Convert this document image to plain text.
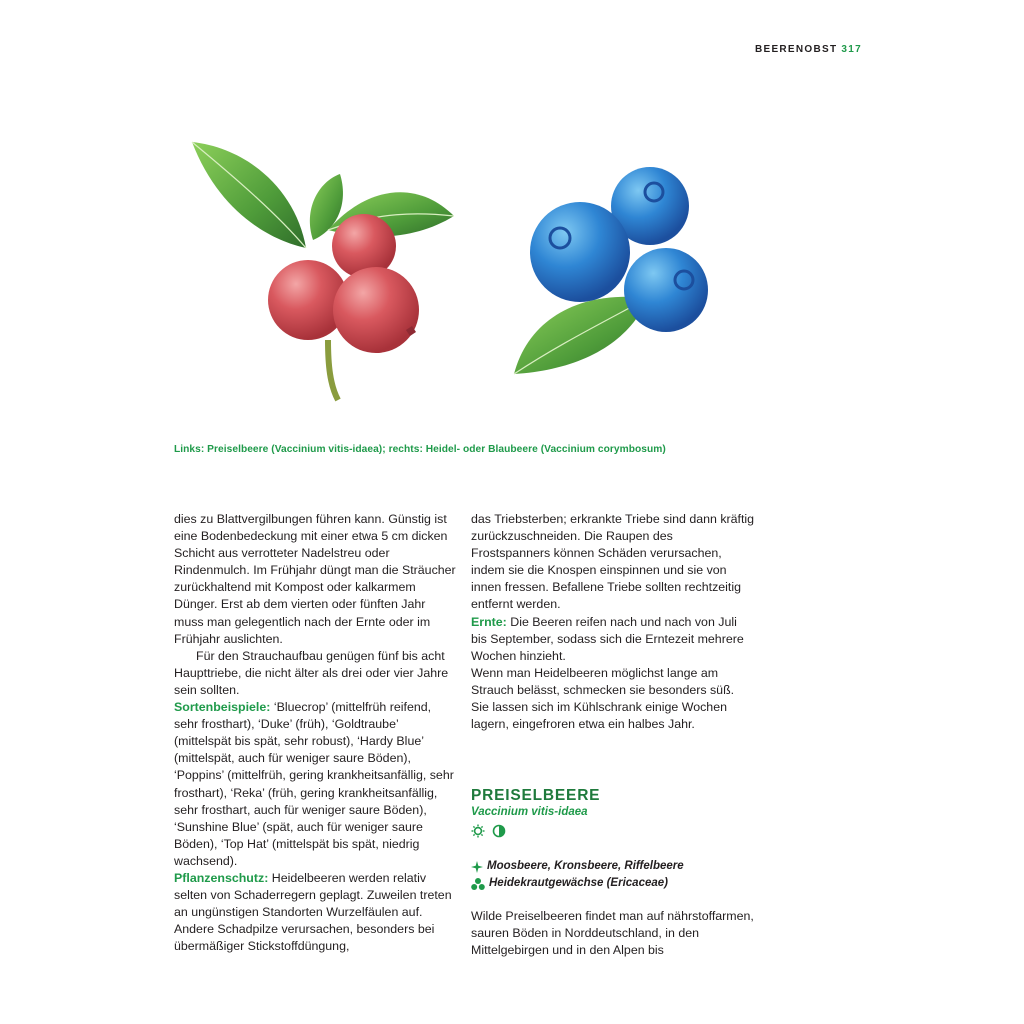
BEERENOBST 317
Links: Preiselbeere (Vaccinium vitis-idaea); rechts: Heidel- oder Blaubeere (Vaccinium corymbosum)

dies zu Blattvergilbungen führen kann. Günstig ist eine Bodenbedeckung mit einer etwa 5 cm dicken Schicht aus verrotteter Nadelstreu oder Rindenmulch. Im Frühjahr düngt man die Sträucher zurückhaltend mit Kompost oder kalkarmem Dünger. Erst ab dem vierten oder fünften Jahr muss man gelegentlich nach der Ernte oder im Frühjahr auslichten.

Für den Strauchaufbau genügen fünf bis acht Haupttriebe, die nicht älter als drei oder vier Jahre sein sollten.

Sortenbeispiele: ‘Bluecrop’ (mittelfrüh reifend, sehr frosthart), ‘Duke’ (früh), ‘Goldtraube’ (mittelspät bis spät, sehr robust), ‘Hardy Blue’ (mittelspät, auch für weniger saure Böden), ‘Poppins’ (mittelfrüh, gering krankheitsanfällig, sehr frosthart), ‘Reka’ (früh, gering krankheitsanfällig, sehr frosthart, auch für weniger saure Böden), ‘Sunshine Blue’ (spät, auch für weniger saure Böden), ‘Top Hat’ (mittelspät bis spät, niedrig wachsend).

Pflanzenschutz: Heidelbeeren werden relativ selten von Schaderregern geplagt. Zuweilen treten an ungünstigen Standorten Wurzelfäulen auf. Andere Schadpilze verursachen, besonders bei übermäßiger Stickstoffdüngung,

das Triebsterben; erkrankte Triebe sind dann kräftig zurückzuschneiden. Die Raupen des Frostspanners können Schäden verursachen, indem sie die Knospen einspinnen und sie von innen fressen. Befallene Triebe sollten rechtzeitig entfernt werden.

Ernte: Die Beeren reifen nach und nach von Juli bis September, sodass sich die Erntezeit mehrere Wochen hinzieht.

Wenn man Heidelbeeren möglichst lange am Strauch belässt, schmecken sie besonders süß. Sie lassen sich im Kühlschrank einige Wochen lagern, eingefroren etwa ein halbes Jahr.

PREISELBEERE
Vaccinium vitis-idaea

Moosbeere, Kronsbeere, Riffelbeere
Heidekrautgewächse (Ericaceae)

Wilde Preiselbeeren findet man auf nährstoffarmen, sauren Böden in Norddeutschland, in den Mittelgebirgen und in den Alpen bis
